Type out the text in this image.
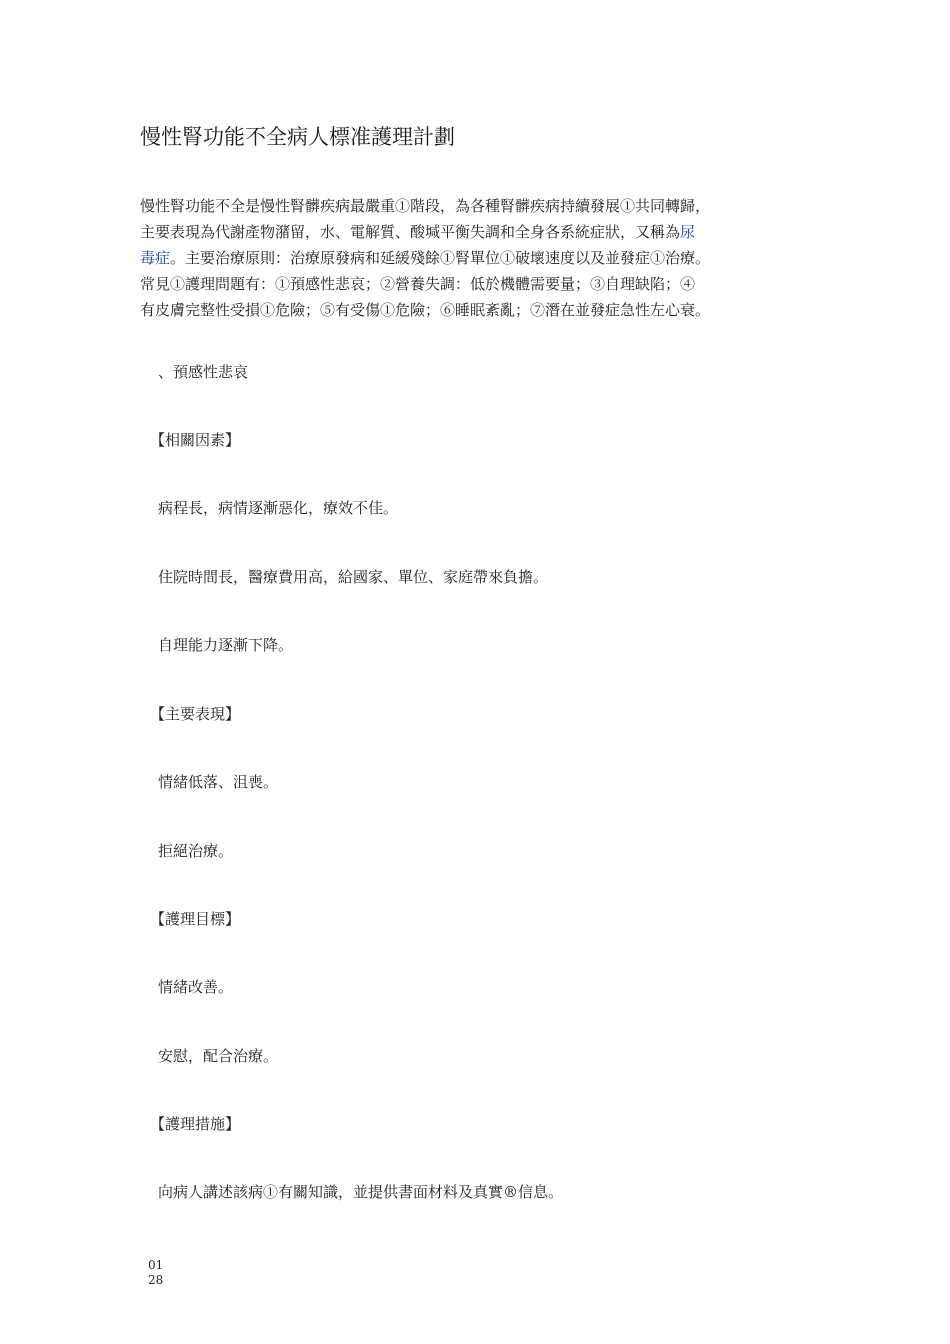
慢性腎功能不全病人標准護理計劃
慢性腎功能不全是慢性腎髒疾病最嚴重①階段，為各種腎髒疾病持續發展①共同轉歸，
主要表現為代謝產物潴留，水、電解質、酸堿平衡失調和全身各系統症狀，又稱為尿
毒症。主要治療原則：治療原發病和延緩殘餘①腎單位①破壞速度以及並發症①治療。
常見①護理問題有：①預感性悲哀；②營養失調：低於機體需要量；③自理缺陷；④
有皮膚完整性受損①危險；⑤有受傷①危險；⑥睡眠紊亂；⑦潛在並發症急性左心衰。
、預感性悲哀
【相關因素】
病程長，病情逐漸惡化，療效不佳。
住院時間長，醫療費用高，給國家、單位、家庭帶來負擔。
自理能力逐漸下降。
【主要表現】
情緒低落、沮喪。
拒絕治療。
【護理目標】
情緒改善。
安慰，配合治療。
【護理措施】
向病人講述該病①有關知識，並提供書面材料及真實®信息。
01
28
